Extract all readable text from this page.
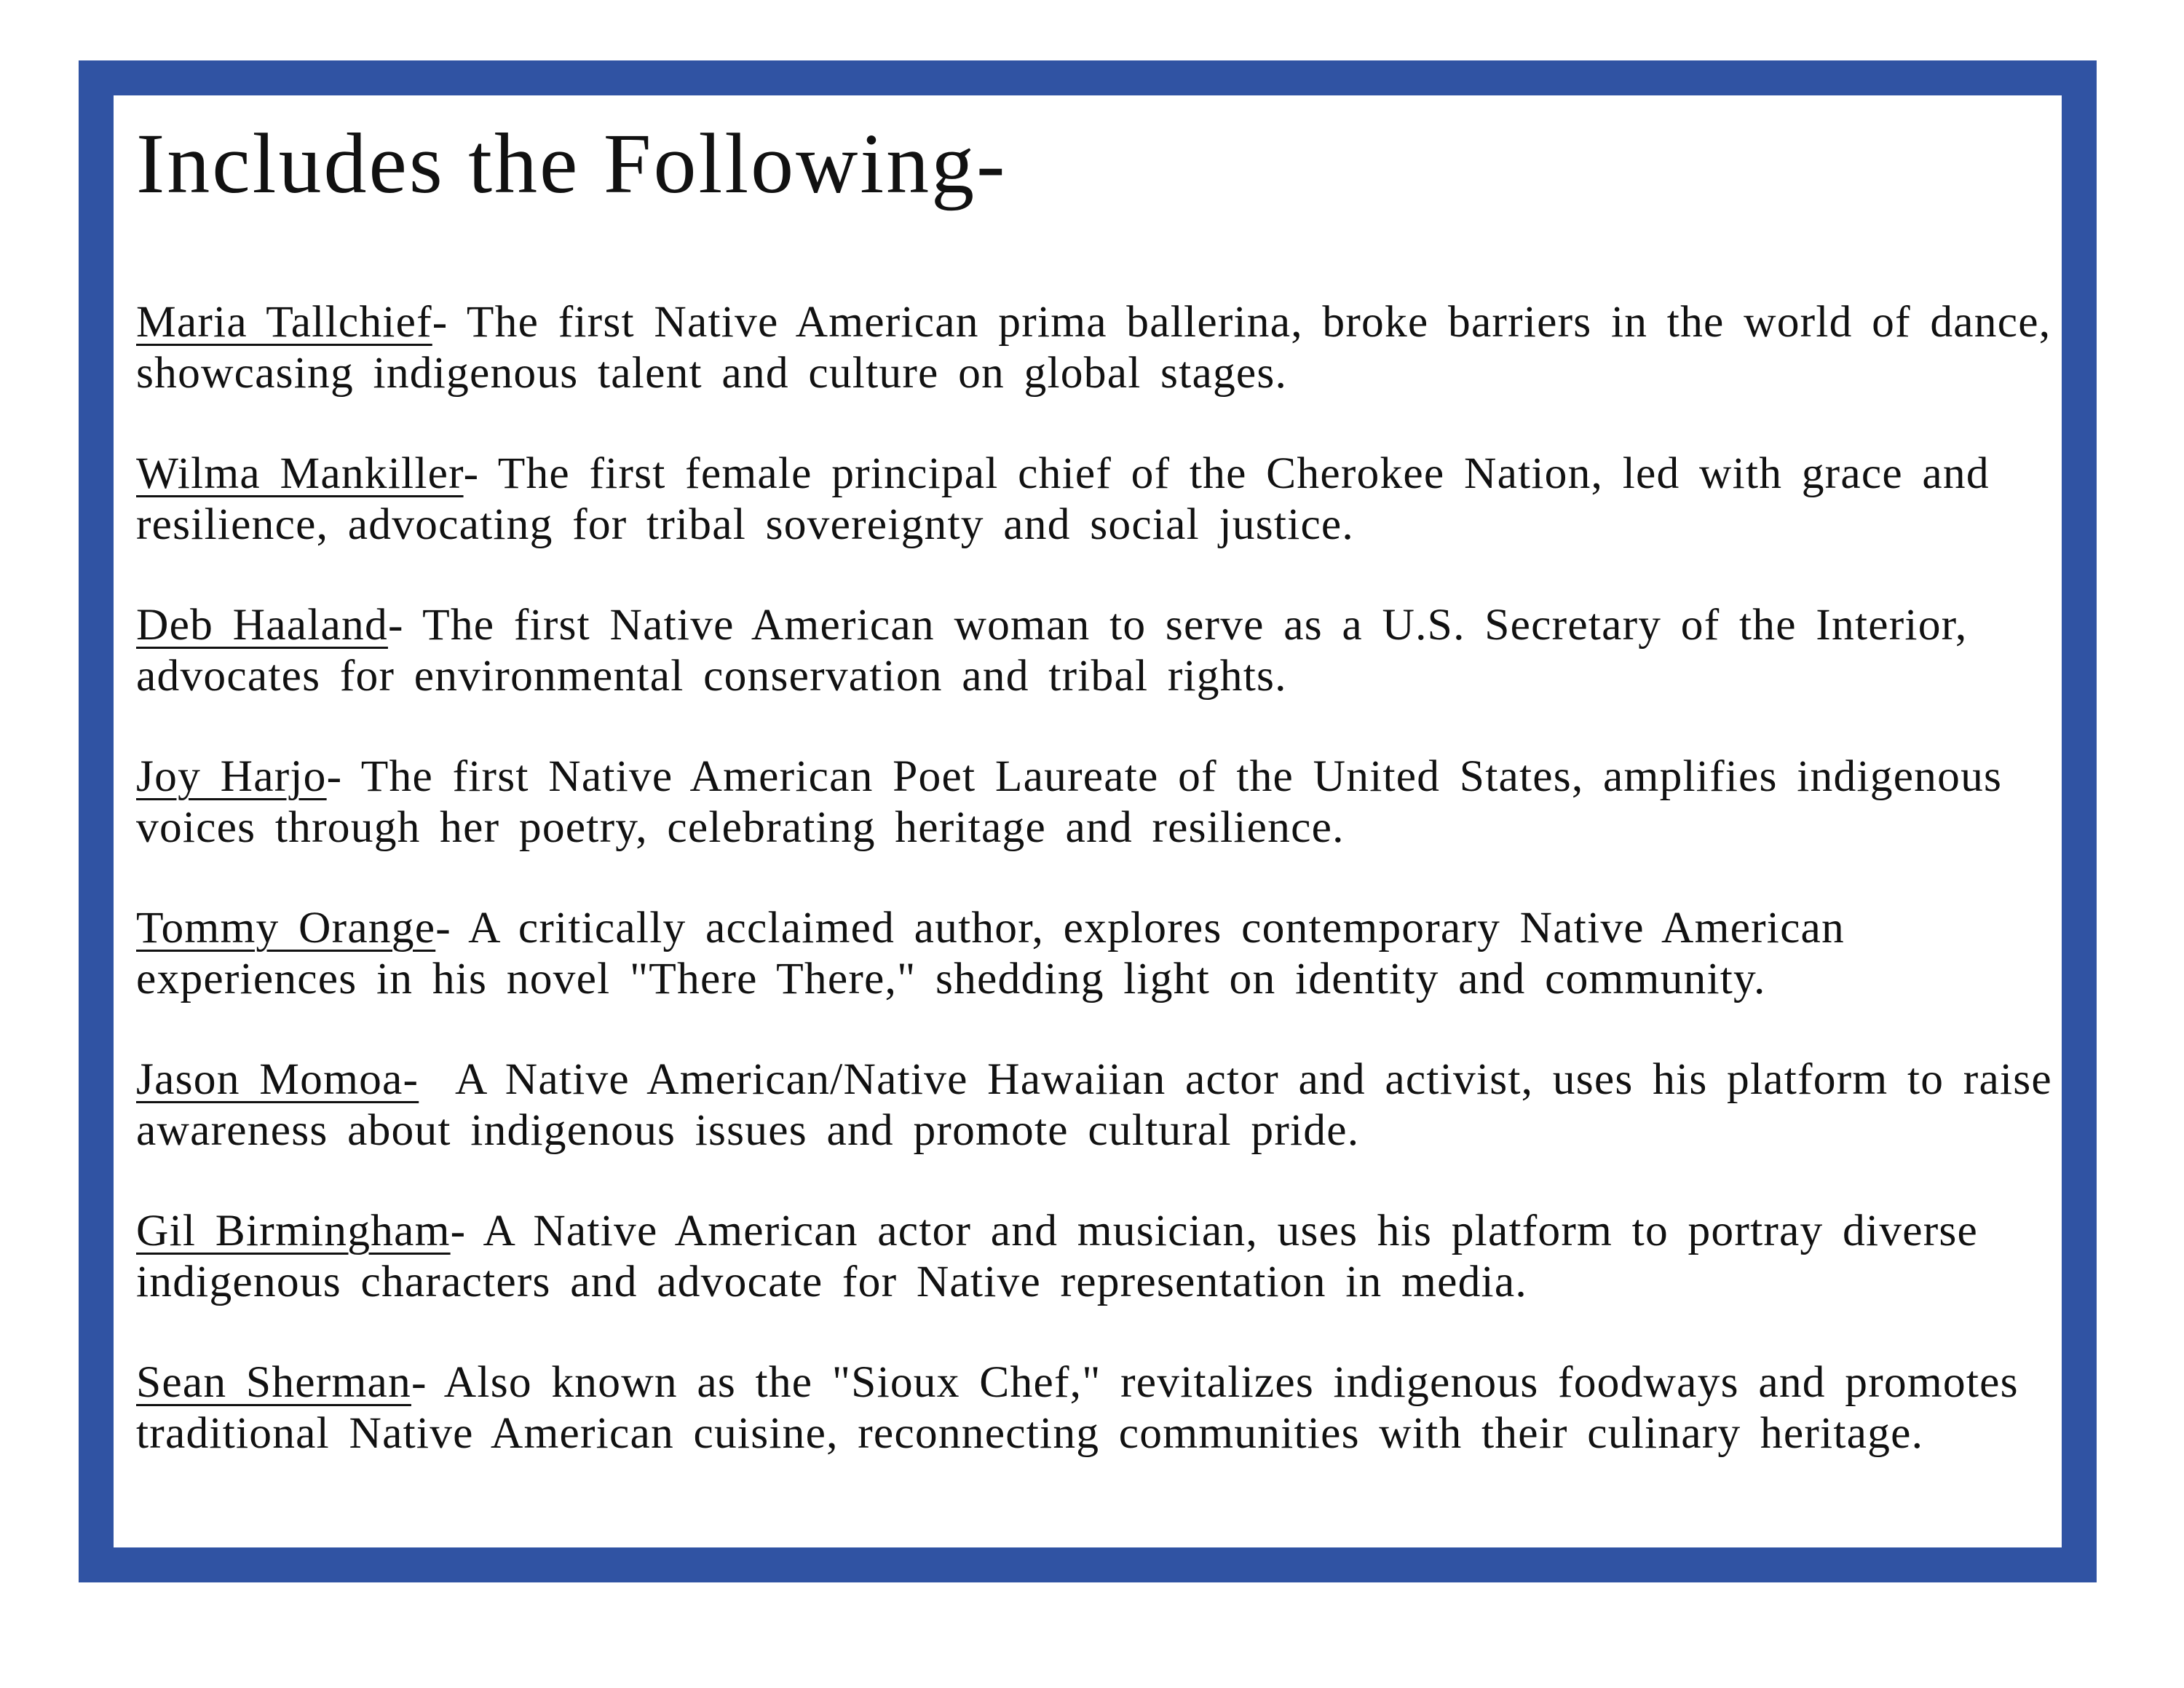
Includes the Following-

Maria Tallchief- The first Native American prima ballerina, broke barriers in the world of dance, showcasing indigenous talent and culture on global stages.

Wilma Mankiller- The first female principal chief of the Cherokee Nation, led with grace and resilience, advocating for tribal sovereignty and social justice.

Deb Haaland- The first Native American woman to serve as a U.S. Secretary of the Interior, advocates for environmental conservation and tribal rights.

Joy Harjo- The first Native American Poet Laureate of the United States, amplifies indigenous voices through her poetry, celebrating heritage and resilience.

Tommy Orange- A critically acclaimed author, explores contemporary Native American experiences in his novel "There There," shedding light on identity and community.

Jason Momoa-  A Native American/Native Hawaiian actor and activist, uses his platform to raise awareness about indigenous issues and promote cultural pride.

Gil Birmingham- A Native American actor and musician, uses his platform to portray diverse indigenous characters and advocate for Native representation in media.

Sean Sherman- Also known as the "Sioux Chef," revitalizes indigenous foodways and promotes traditional Native American cuisine, reconnecting communities with their culinary heritage.
